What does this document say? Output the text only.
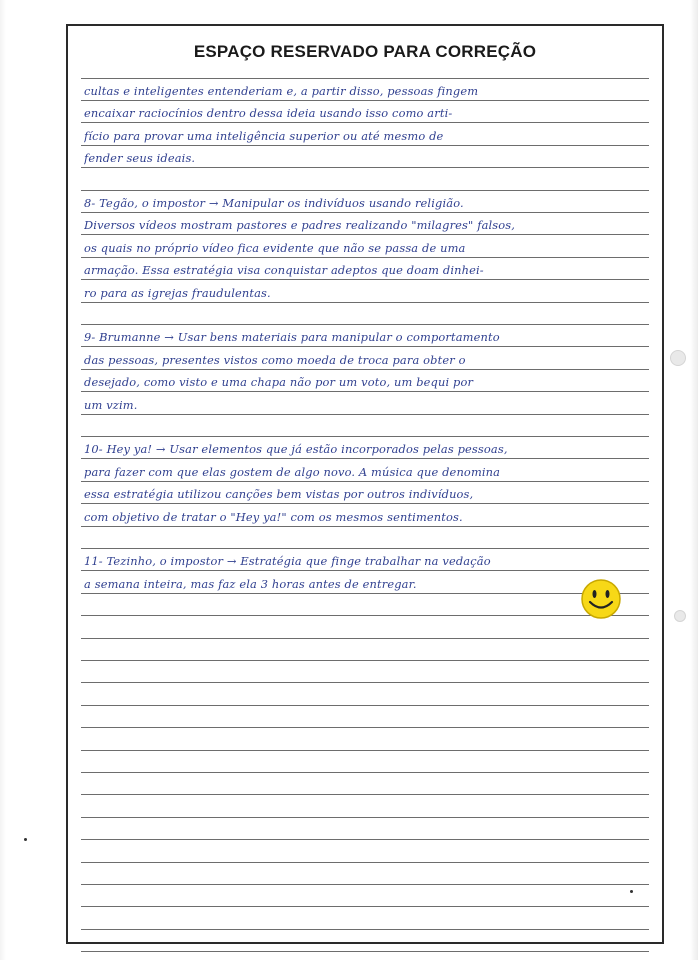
ESPAÇO RESERVADO PARA CORREÇÃO
cultas e inteligentes entenderiam e, a partir disso, pessoas fingem
encaixar raciocínios dentro dessa ideia usando isso como arti-
fício para provar uma inteligência superior ou até mesmo de
fender seus ideais.
8- Tegão, o impostor → Manipular os indivíduos usando religião.
Diversos vídeos mostram pastores e padres realizando "milagres" falsos,
os quais no próprio vídeo fica evidente que não se passa de uma
armação. Essa estratégia visa conquistar adeptos que doam dinhei-
ro para as igrejas fraudulentas.
9- Brumanne → Usar bens materiais para manipular o comportamento
das pessoas, presentes vistos como moeda de troca para obter o
desejado, como visto e uma chapa não por um voto, um bequi por
um vzim.
10- Hey ya! → Usar elementos que já estão incorporados pelas pessoas,
para fazer com que elas gostem de algo novo. A música que denomina
essa estratégia utilizou canções bem vistas por outros indivíduos,
com objetivo de tratar o "Hey ya!" com os mesmos sentimentos.
11- Tezinho, o impostor → Estratégia que finge trabalhar na vedação
a semana inteira, mas faz ela 3 horas antes de entregar.
